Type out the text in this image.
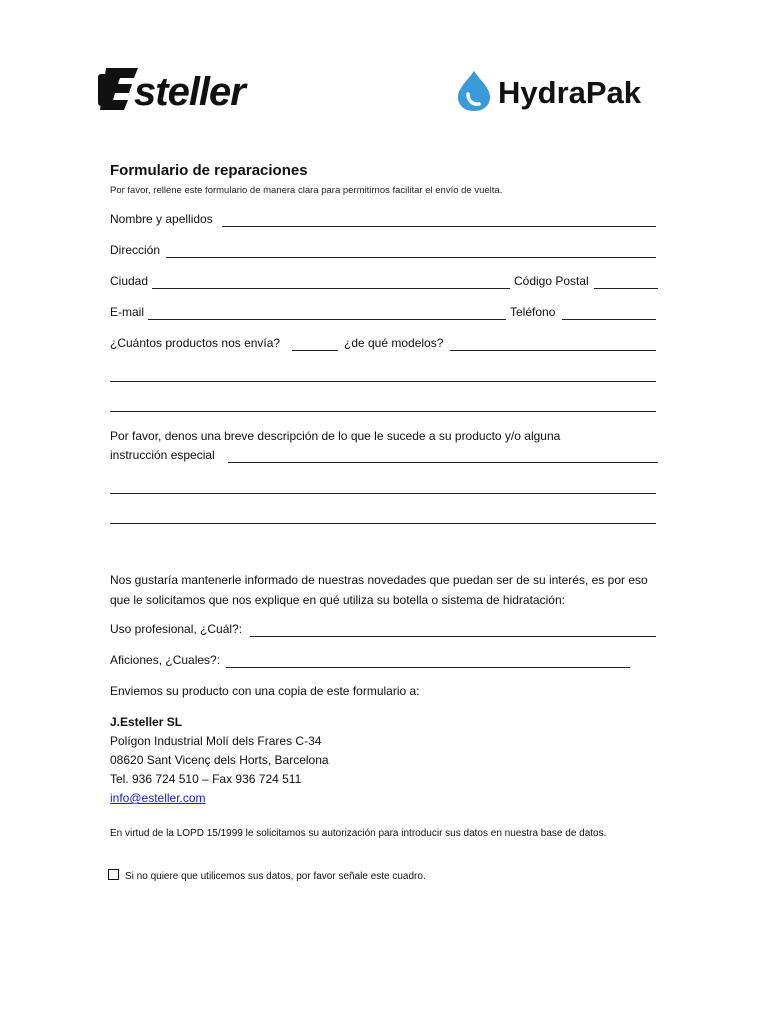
steller	HydraPak
Formulario de reparaciones
Por favor, rellene este formulario de manera clara para permitirnos facilitar el envío de vuelta.
Nombre y apellidos
Dirección
Ciudad	Código Postal
E-mail	Teléfono
¿Cuántos productos nos envía?	¿de qué modelos?
Por favor, denos una breve descripción de lo que le sucede a su producto y/o alguna
instrucción especial
Nos gustaría mantenerle informado de nuestras novedades que puedan ser de su interés, es por eso que le solicitamos que nos explique en qué utiliza su botella o sistema de hidratación:
Uso profesional, ¿Cuál?:
Aficiones, ¿Cuales?:
Enviemos su producto con una copia de este formulario a:
J.Esteller SL
Polígon Industrial Molí dels Frares C-34
08620 Sant Vicenç dels Horts, Barcelona
Tel. 936 724 510 – Fax 936 724 511
info@esteller.com
En virtud de la LOPD 15/1999 le solicitamos su autorización para introducir sus datos en nuestra base de datos.
Si no quiere que utilicemos sus datos, por favor señale este cuadro.
